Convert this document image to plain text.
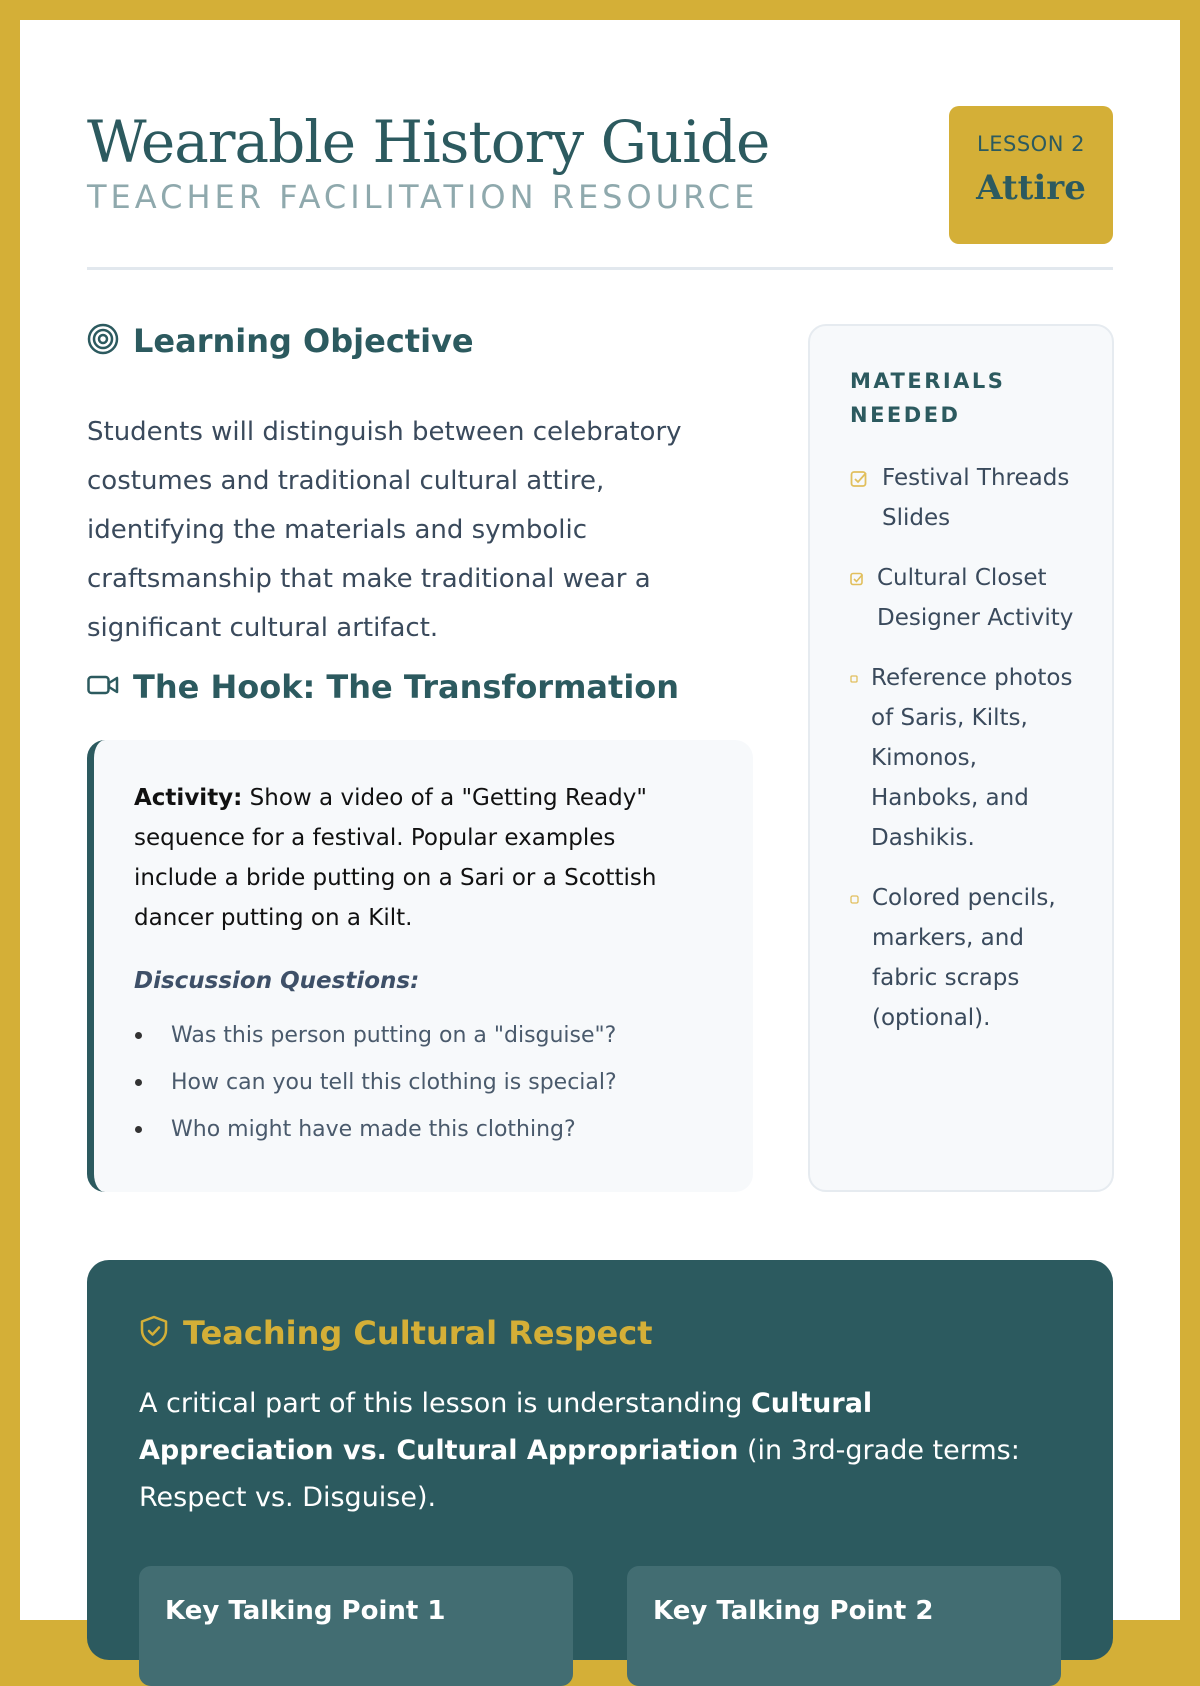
Wearable History Guide
TEACHER FACILITATION RESOURCE
LESSON 2
Attire
Learning Objective

Students will distinguish between celebratory costumes and traditional cultural attire, identifying the materials and symbolic craftsmanship that make traditional wear a significant cultural artifact.

The Hook: The Transformation

Activity: Show a video of a "Getting Ready" sequence for a festival. Popular examples include a bride putting on a Sari or a Scottish dancer putting on a Kilt.

Discussion Questions:

Was this person putting on a "disguise"?
How can you tell this clothing is special?
Who might have made this clothing?

MATERIALS NEEDED

Festival Threads Slides
Cultural Closet Designer Activity
Reference photos of Saris, Kilts, Kimonos, Hanboks, and Dashikis.
Colored pencils, markers, and fabric scraps (optional).
Teaching Cultural Respect

A critical part of this lesson is understanding Cultural Appreciation vs. Cultural Appropriation (in 3rd-grade terms: Respect vs. Disguise).

Key Talking Point 1	Key Talking Point 2
